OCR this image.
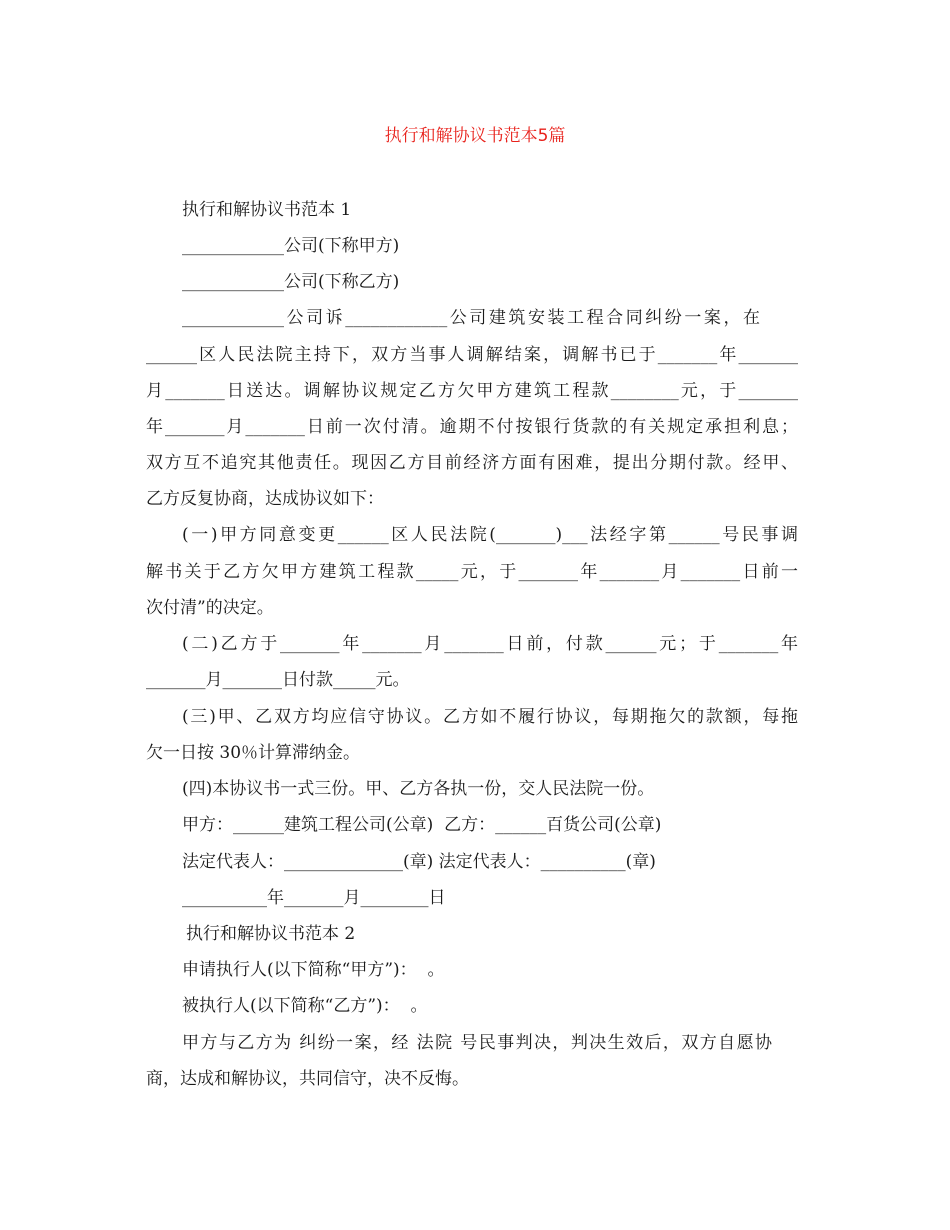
执行和解协议书范本5篇

执行和解协议书范本 1

____________公司(下称甲方)

____________公司(下称乙方)

____________公司诉____________公司建筑安装工程合同纠纷一案，在

______区人民法院主持下，双方当事人调解结案，调解书已于_______年_______

月_______日送达。调解协议规定乙方欠甲方建筑工程款________元，于_______

年_______月_______日前一次付清。逾期不付按银行货款的有关规定承担利息；

双方互不追究其他责任。现因乙方目前经济方面有困难，提出分期付款。经甲、

乙方反复协商，达成协议如下：

(一)甲方同意变更______区人民法院(_______)___法经字第______号民事调

解书关于乙方欠甲方建筑工程款_____元，于_______年_______月_______日前一

次付清”的决定。

(二)乙方于_______年_______月_______日前，付款______元；于_______年

_______月_______日付款_____元。

(三)甲、乙双方均应信守协议。乙方如不履行协议，每期拖欠的款额，每拖

欠一日按 30％计算滞纳金。

(四)本协议书一式三份。甲、乙方各执一份，交人民法院一份。

甲方：______建筑工程公司(公章)  乙方：______百货公司(公章)

法定代表人：______________(章) 法定代表人：__________(章)

__________年_______月________日

执行和解协议书范本 2

申请执行人(以下简称“甲方”)：  。

被执行人(以下简称“乙方”)：  。

甲方与乙方为 纠纷一案，经 法院 号民事判决，判决生效后，双方自愿协

商，达成和解协议，共同信守，决不反悔。
